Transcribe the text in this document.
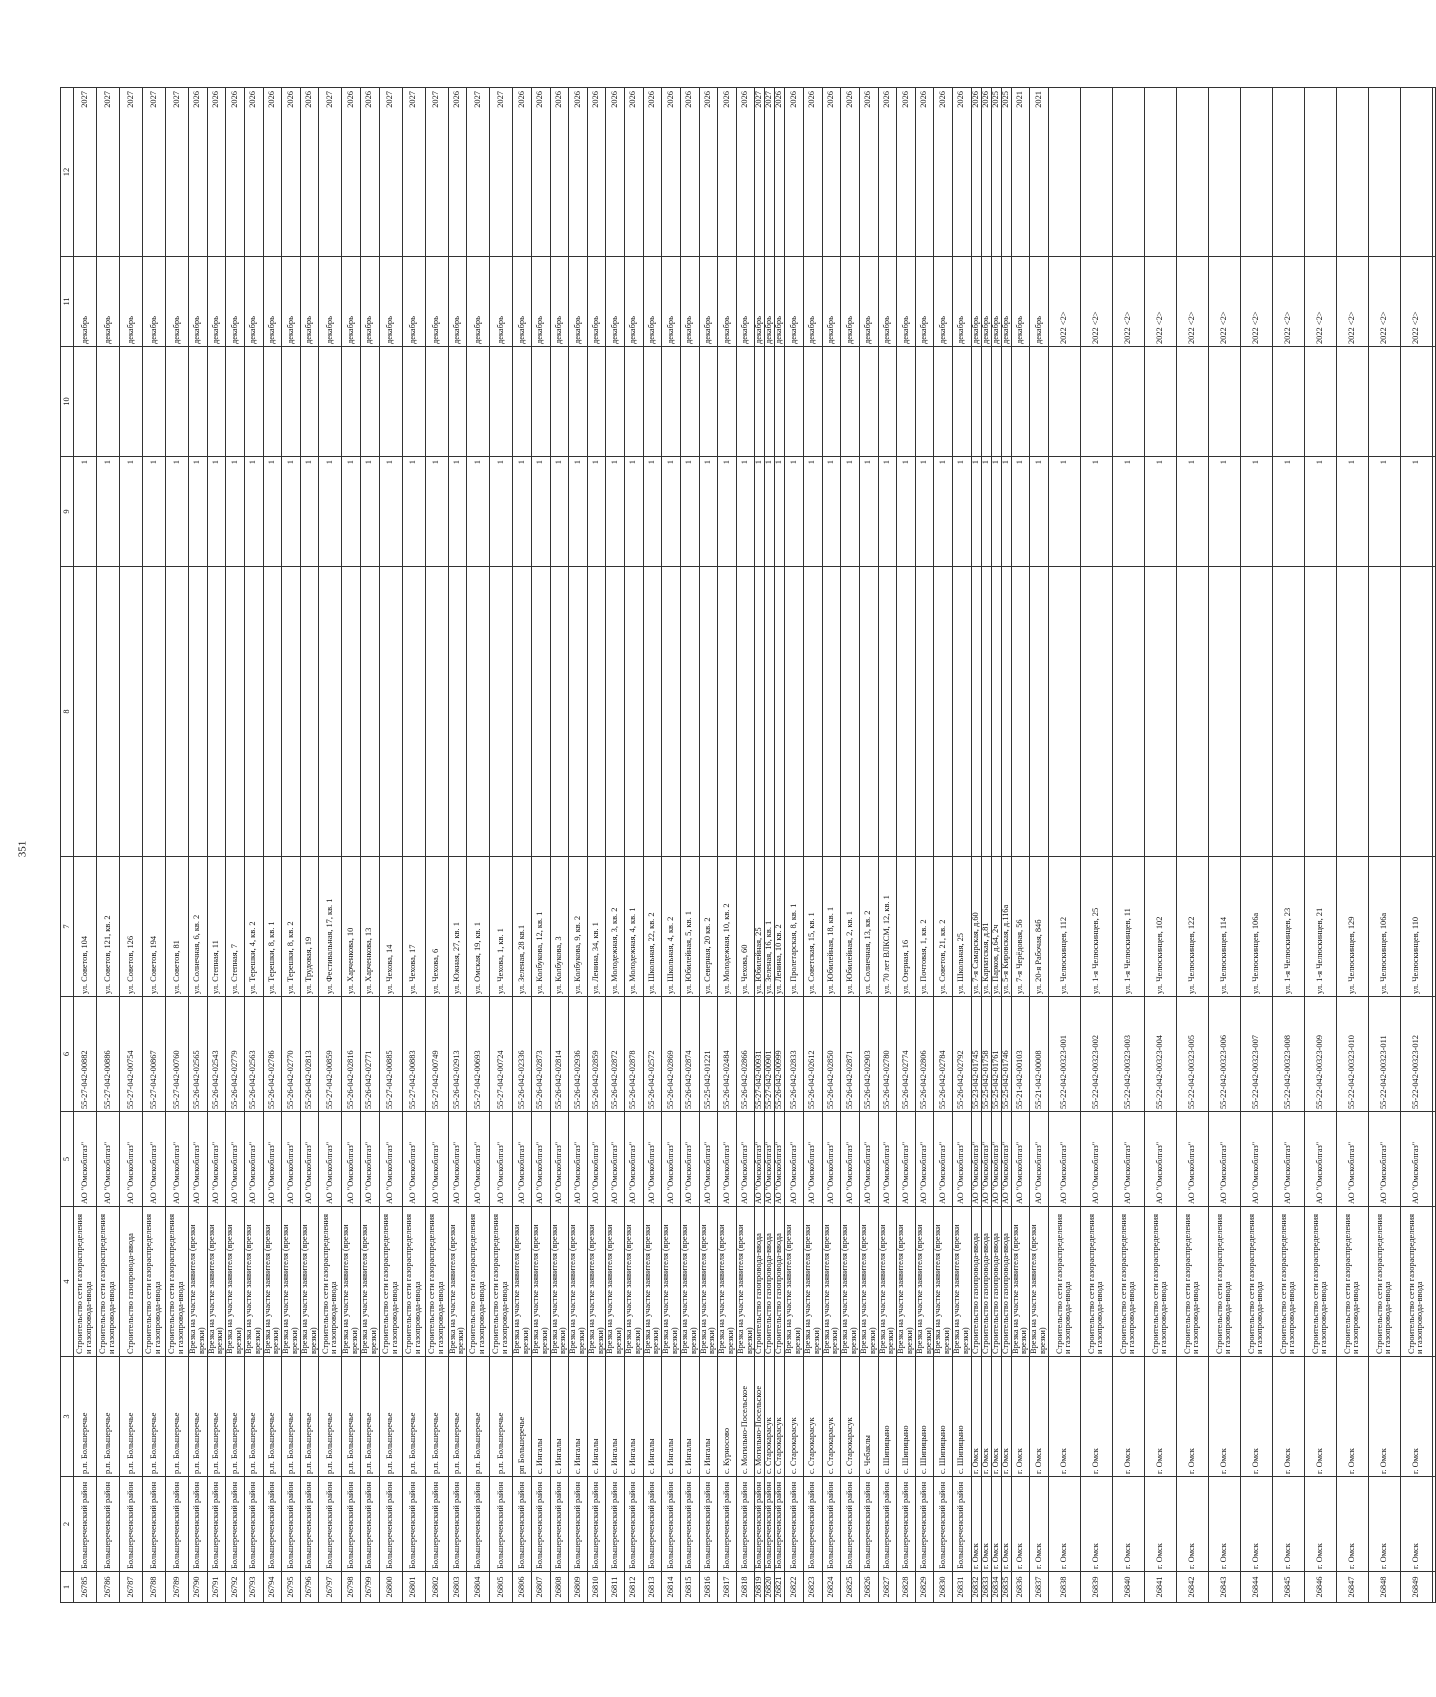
351
1	2	3	4	5	6	7	8	9	10	11	12
26785	Большереченский район	р.п. Большеречье	Строительство сети газораспределения и газопровода-ввода	АО "Омскоблгаз"	55-27-042-00882	ул. Советов, 104		1		декабрь	2027
26786	Большереченский район	р.п. Большеречье	Строительство сети газораспределения и газопровода-ввода	АО "Омскоблгаз"	55-27-042-00886	ул. Советов, 121, кв. 2		1		декабрь	2027
26787	Большереченский район	р.п. Большеречье	Строительство газопровода-ввода	АО "Омскоблгаз"	55-27-042-00754	ул. Советов, 126		1		декабрь	2027
26788	Большереченский район	р.п. Большеречье	Строительство сети газораспределения и газопровода-ввода	АО "Омскоблгаз"	55-27-042-00867	ул. Советов, 194		1		декабрь	2027
26789	Большереченский район	р.п. Большеречье	Строительство сети газораспределения и газопровода-ввода	АО "Омскоблгаз"	55-27-042-00760	ул. Советов, 81		1		декабрь	2027
26790	Большереченский район	р.п. Большеречье	Врезка на участке заявителя (врезки врезки)	АО "Омскоблгаз"	55-26-042-02565	ул. Солнечная, 6, кв. 2		1		декабрь	2026
26791	Большереченский район	р.п. Большеречье	Врезка на участке заявителя (врезки врезки)	АО "Омскоблгаз"	55-26-042-02543	ул. Степная, 11		1		декабрь	2026
26792	Большереченский район	р.п. Большеречье	Врезка на участке заявителя (врезки врезки)	АО "Омскоблгаз"	55-26-042-02779	ул. Степная, 7		1		декабрь	2026
26793	Большереченский район	р.п. Большеречье	Врезка на участке заявителя (врезки врезки)	АО "Омскоблгаз"	55-26-042-02563	ул. Терешки, 4, кв. 2		1		декабрь	2026
26794	Большереченский район	р.п. Большеречье	Врезка на участке заявителя (врезки врезки)	АО "Омскоблгаз"	55-26-042-02786	ул. Терешки, 8, кв. 1		1		декабрь	2026
26795	Большереченский район	р.п. Большеречье	Врезка на участке заявителя (врезки врезки)	АО "Омскоблгаз"	55-26-042-02770	ул. Терешки, 8, кв. 2		1		декабрь	2026
26796	Большереченский район	р.п. Большеречье	Врезка на участке заявителя (врезки врезки)	АО "Омскоблгаз"	55-26-042-02813	ул. Трудовая, 19		1		декабрь	2026
26797	Большереченский район	р.п. Большеречье	Строительство сети газораспределения и газопровода-ввода	АО "Омскоблгаз"	55-27-042-00859	ул. Фестивальная, 17, кв. 1		1		декабрь	2027
26798	Большереченский район	р.п. Большеречье	Врезка на участке заявителя (врезки врезки)	АО "Омскоблгаз"	55-26-042-02816	ул. Харченкова, 10		1		декабрь	2026
26799	Большереченский район	р.п. Большеречье	Врезка на участке заявителя (врезки врезки)	АО "Омскоблгаз"	55-26-042-02771	ул. Харченкова, 13		1		декабрь	2026
26800	Большереченский район	р.п. Большеречье	Строительство сети газораспределения и газопровода-ввода	АО "Омскоблгаз"	55-27-042-00885	ул. Чехова, 14		1		декабрь	2027
26801	Большереченский район	р.п. Большеречье	Строительство сети газораспределения и газопровода-ввода	АО "Омскоблгаз"	55-27-042-00883	ул. Чехова, 17		1		декабрь	2027
26802	Большереченский район	р.п. Большеречье	Строительство сети газораспределения и газопровода-ввода	АО "Омскоблгаз"	55-27-042-00749	ул. Чехова, 6		1		декабрь	2027
26803	Большереченский район	р.п. Большеречье	Врезка на участке заявителя (врезки врезки)	АО "Омскоблгаз"	55-26-042-02913	ул. Южная, 27, кв. 1		1		декабрь	2026
26804	Большереченский район	р.п. Большеречье	Строительство сети газораспределения и газопровода-ввода	АО "Омскоблгаз"	55-27-042-00693	ул. Омская, 19, кв. 1		1		декабрь	2027
26805	Большереченский район	р.п. Большеречье	Строительство сети газораспределения и газопровода-ввода	АО "Омскоблгаз"	55-27-042-00724	ул. Чехова, 1, кв. 1		1		декабрь	2027
26806	Большереченский район	рп Большеречье	Врезка на участке заявителя (врезки врезки)	АО "Омскоблгаз"	55-26-042-02336	ул. Зеленая, 28 кв.1		1		декабрь	2026
26807	Большереченский район	с. Ингалы	Врезка на участке заявителя (врезки врезки)	АО "Омскоблгаз"	55-26-042-02873	ул. Колбукова, 12, кв. 1		1		декабрь	2026
26808	Большереченский район	с. Ингалы	Врезка на участке заявителя (врезки врезки)	АО "Омскоблгаз"	55-26-042-02814	ул. Колбукова, 3		1		декабрь	2026
26809	Большереченский район	с. Ингалы	Врезка на участке заявителя (врезки врезки)	АО "Омскоблгаз"	55-26-042-02936	ул. Колбукова, 9, кв. 2		1		декабрь	2026
26810	Большереченский район	с. Ингалы	Врезка на участке заявителя (врезки врезки)	АО "Омскоблгаз"	55-26-042-02859	ул. Ленина, 34, кв. 1		1		декабрь	2026
26811	Большереченский район	с. Ингалы	Врезка на участке заявителя (врезки врезки)	АО "Омскоблгаз"	55-26-042-02872	ул. Молодежная, 3, кв. 2		1		декабрь	2026
26812	Большереченский район	с. Ингалы	Врезка на участке заявителя (врезки врезки)	АО "Омскоблгаз"	55-26-042-02878	ул. Молодежная, 4, кв. 1		1		декабрь	2026
26813	Большереченский район	с. Ингалы	Врезка на участке заявителя (врезки врезки)	АО "Омскоблгаз"	55-26-042-02572	ул. Школьная, 22, кв. 2		1		декабрь	2026
26814	Большереченский район	с. Ингалы	Врезка на участке заявителя (врезки врезки)	АО "Омскоблгаз"	55-26-042-02869	ул. Школьная, 4, кв. 2		1		декабрь	2026
26815	Большереченский район	с. Ингалы	Врезка на участке заявителя (врезки врезки)	АО "Омскоблгаз"	55-26-042-02874	ул. Юбилейная, 5, кв. 1		1		декабрь	2026
26816	Большереченский район	с. Ингалы	Врезка на участке заявителя (врезки врезки)	АО "Омскоблгаз"	55-25-042-01221	ул. Северная, 20 кв. 2		1		декабрь	2026
26817	Большереченский район	с. Курносово	Врезка на участке заявителя (врезки врезки)	АО "Омскоблгаз"	55-26-042-02484	ул. Молодежная, 10, кв. 2		1		декабрь	2026
26818	Большереченский район	с. Могильно-Посельское	Врезка на участке заявителя (врезки врезки)	АО "Омскоблгаз"	55-26-042-02866	ул. Чехова, 60		1		декабрь	2026
26819	Большереченский район	с. Могильно-Посельское	Строительство газопровода-ввода	АО "Омскоблгаз"	55-27-042-00931	ул. Юбилейная, 25		1		декабрь	2027
26820	Большереченский район	с. Старокарасук	Строительство газопровода-ввода	АО "Омскоблгаз"	55-27-042-00901	ул. Зеленая, 16, кв. 1		1		декабрь	2027
26821	Большереченский район	с. Старокарасук	Строительство газопровода-ввода	АО "Омскоблгаз"	55-26-042-00999	ул. Ленина, 10 кв. 2		1		декабрь	2026
26822	Большереченский район	с. Старокарасук	Врезка на участке заявителя (врезки врезки)	АО "Омскоблгаз"	55-26-042-02833	ул. Пролетарская, 8, кв. 1		1		декабрь	2026
26823	Большереченский район	с. Старокарасук	Врезка на участке заявителя (врезки врезки)	АО "Омскоблгаз"	55-26-042-02612	ул. Советская, 15, кв. 1		1		декабрь	2026
26824	Большереченский район	с. Старокарасук	Врезка на участке заявителя (врезки врезки)	АО "Омскоблгаз"	55-26-042-02850	ул. Юбилейная, 18, кв. 1		1		декабрь	2026
26825	Большереченский район	с. Старокарасук	Врезка на участке заявителя (врезки врезки)	АО "Омскоблгаз"	55-26-042-02871	ул. Юбилейная, 2, кв. 1		1		декабрь	2026
26826	Большереченский район	с. Чебаклы	Врезка на участке заявителя (врезки врезки)	АО "Омскоблгаз"	55-26-042-02903	ул. Солнечная, 13, кв. 2		1		декабрь	2026
26827	Большереченский район	с. Шипицыно	Врезка на участке заявителя (врезки врезки)	АО "Омскоблгаз"	55-26-042-02780	ул. 70 лет ВЛКСМ, 12, кв. 1		1		декабрь	2026
26828	Большереченский район	с. Шипицыно	Врезка на участке заявителя (врезки врезки)	АО "Омскоблгаз"	55-26-042-02774	ул. Озерная, 16		1		декабрь	2026
26829	Большереченский район	с. Шипицыно	Врезка на участке заявителя (врезки врезки)	АО "Омскоблгаз"	55-26-042-02806	ул. Почтовая, 1, кв. 2		1		декабрь	2026
26830	Большереченский район	с. Шипицыно	Врезка на участке заявителя (врезки врезки)	АО "Омскоблгаз"	55-26-042-02784	ул. Советов, 21, кв. 2		1		декабрь	2026
26831	Большереченский район	с. Шипицыно	Врезка на участке заявителя (врезки врезки)	АО "Омскоблгаз"	55-26-042-02792	ул. Школьная, 25		1		декабрь	2026
26832	г. Омск	г. Омск	Строительство газопровода-ввода	АО "Омскоблгаз"	55-23-042-01745	ул. 7-я Самарская, д.60		1		декабрь	2026
26833	г. Омск	г. Омск	Строительство газопровода-ввода	АО "Омскоблгаз"	55-25-042-01758	ул. Карпатская, д.81		1		декабрь	2026
26834	г. Омск	г. Омск	Строительство газопровода-ввода	АО "Омскоблгаз"	55-25-042-01761	ул. Парков, д.64, 2ч		1		декабрь	2025
26835	г. Омск	г. Омск	Строительство газопровода-ввода	АО "Омскоблгаз"	55-25-042-01746	ул. 5-я Кировская, д.116а		1		декабрь	2025
26836	г. Омск	г. Омск	Врезка на участке заявителя (врезки врезки)	АО "Омскоблгаз"	55-21-042-00103	ул. 7-я Черёдовая, 56		1		декабрь	2021
26837	г. Омск	г. Омск	Врезка на участке заявителя (врезки врезки)	АО "Омскоблгаз"	55-21-042-00008	ул. 20-я Рабочая, 84б		1		декабрь	2021
26838	г. Омск	г. Омск	Строительство сети газораспределения и газопровода-ввода	АО "Омскоблгаз"	55-22-042-00323-001	ул. Челюскинцев, 112		1		2022 <2>	
26839	г. Омск	г. Омск	Строительство сети газораспределения и газопровода-ввода	АО "Омскоблгаз"	55-22-042-00323-002	ул. 1-я Челюскинцев, 25		1		2022 <2>	
26840	г. Омск	г. Омск	Строительство сети газораспределения и газопровода-ввода	АО "Омскоблгаз"	55-22-042-00323-003	ул. 1-я Челюскинцев, 11		1		2022 <2>	
26841	г. Омск	г. Омск	Строительство сети газораспределения и газопровода-ввода	АО "Омскоблгаз"	55-22-042-00323-004	ул. Челюскинцев, 102		1		2022 <2>	
26842	г. Омск	г. Омск	Строительство сети газораспределения и газопровода-ввода	АО "Омскоблгаз"	55-22-042-00323-005	ул. Челюскинцев, 122		1		2022 <2>	
26843	г. Омск	г. Омск	Строительство сети газораспределения и газопровода-ввода	АО "Омскоблгаз"	55-22-042-00323-006	ул. Челюскинцев, 114		1		2022 <2>	
26844	г. Омск	г. Омск	Строительство сети газораспределения и газопровода-ввода	АО "Омскоблгаз"	55-22-042-00323-007	ул. Челюскинцев, 106а		1		2022 <2>	
26845	г. Омск	г. Омск	Строительство сети газораспределения и газопровода-ввода	АО "Омскоблгаз"	55-22-042-00323-008	ул. 1-я Челюскинцев, 23		1		2022 <2>	
26846	г. Омск	г. Омск	Строительство сети газораспределения и газопровода-ввода	АО "Омскоблгаз"	55-22-042-00323-009	ул. 1-я Челюскинцев, 21		1		2022 <2>	
26847	г. Омск	г. Омск	Строительство сети газораспределения и газопровода-ввода	АО "Омскоблгаз"	55-22-042-00323-010	ул. Челюскинцев, 129		1		2022 <2>	
26848	г. Омск	г. Омск	Строительство сети газораспределения и газопровода-ввода	АО "Омскоблгаз"	55-22-042-00323-011	ул. Челюскинцев, 106a		1		2022 <2>	
26849	г. Омск	г. Омск	Строительство сети газораспределения и газопровода-ввода	АО "Омскоблгаз"	55-22-042-00323-012	ул. Челюскинцев, 110		1		2022 <2>	
